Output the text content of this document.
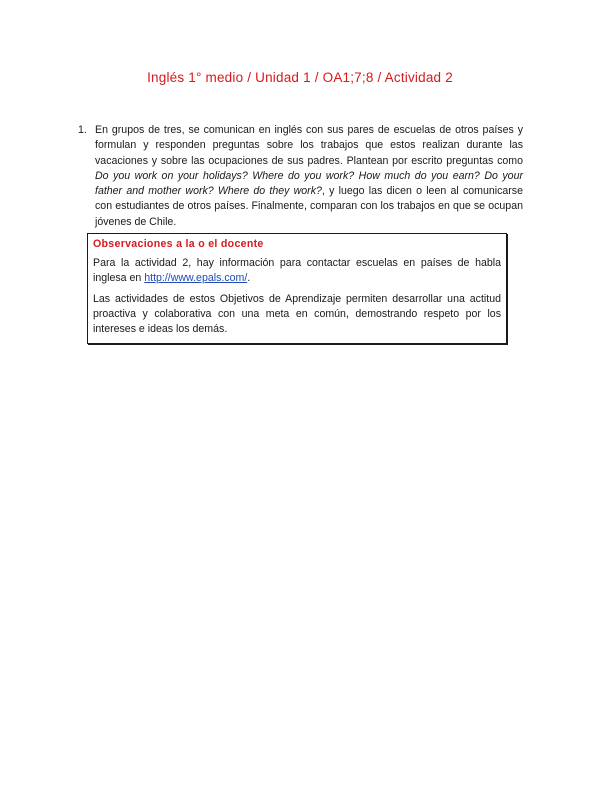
Inglés 1° medio / Unidad 1 / OA1;7;8 / Actividad 2
1. En grupos de tres, se comunican en inglés con sus pares de escuelas de otros países y formulan y responden preguntas sobre los trabajos que estos realizan durante las vacaciones y sobre las ocupaciones de sus padres. Plantean por escrito preguntas como Do you work on your holidays? Where do you work? How much do you earn? Do your father and mother work? Where do they work?, y luego las dicen o leen al comunicarse con estudiantes de otros países. Finalmente, comparan con los trabajos en que se ocupan jóvenes de Chile.
Observaciones a la o el docente

Para la actividad 2, hay información para contactar escuelas en países de habla inglesa en http://www.epals.com/.

Las actividades de estos Objetivos de Aprendizaje permiten desarrollar una actitud proactiva y colaborativa con una meta en común, demostrando respeto por los intereses e ideas los demás.
